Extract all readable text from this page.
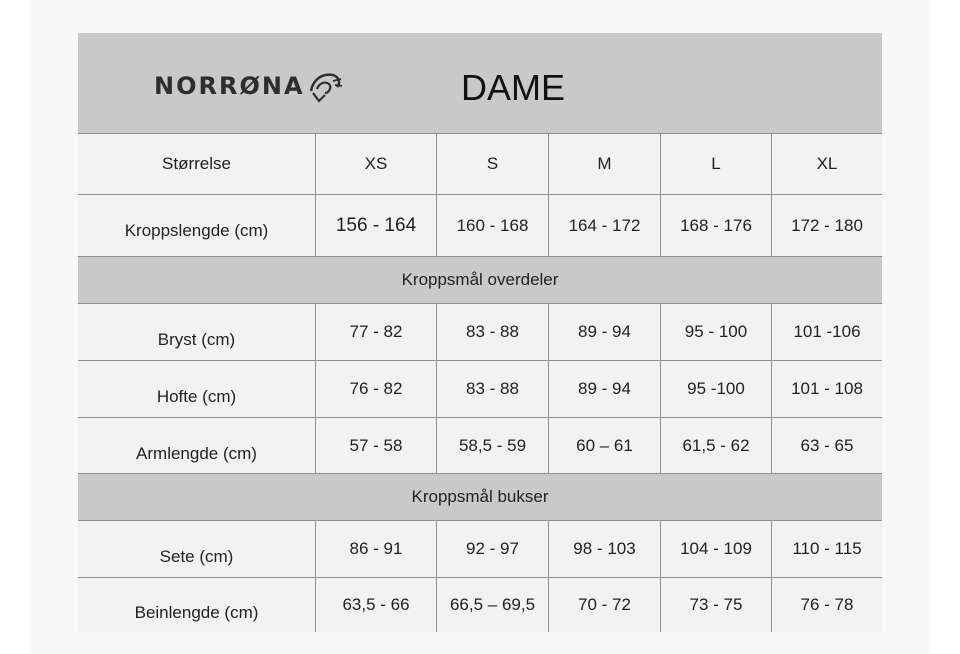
NORRØNA	DAME
Størrelse	XS	S	M	L	XL
Kroppslengde (cm)	156 - 164	160 - 168	164 - 172	168 - 176	172 - 180
Kroppsmål overdeler
Bryst (cm)	77 - 82	83 - 88	89 - 94	95 - 100	101 -106
Hofte (cm)	76 - 82	83 - 88	89 - 94	95 -100	101 - 108
Armlengde (cm)	57 - 58	58,5 - 59	60 – 61	61,5 - 62	63 - 65
Kroppsmål bukser
Sete (cm)	86 - 91	92 - 97	98 - 103	104 - 109	110 - 115
Beinlengde (cm)	63,5 - 66	66,5 – 69,5	70 - 72	73 - 75	76 - 78
